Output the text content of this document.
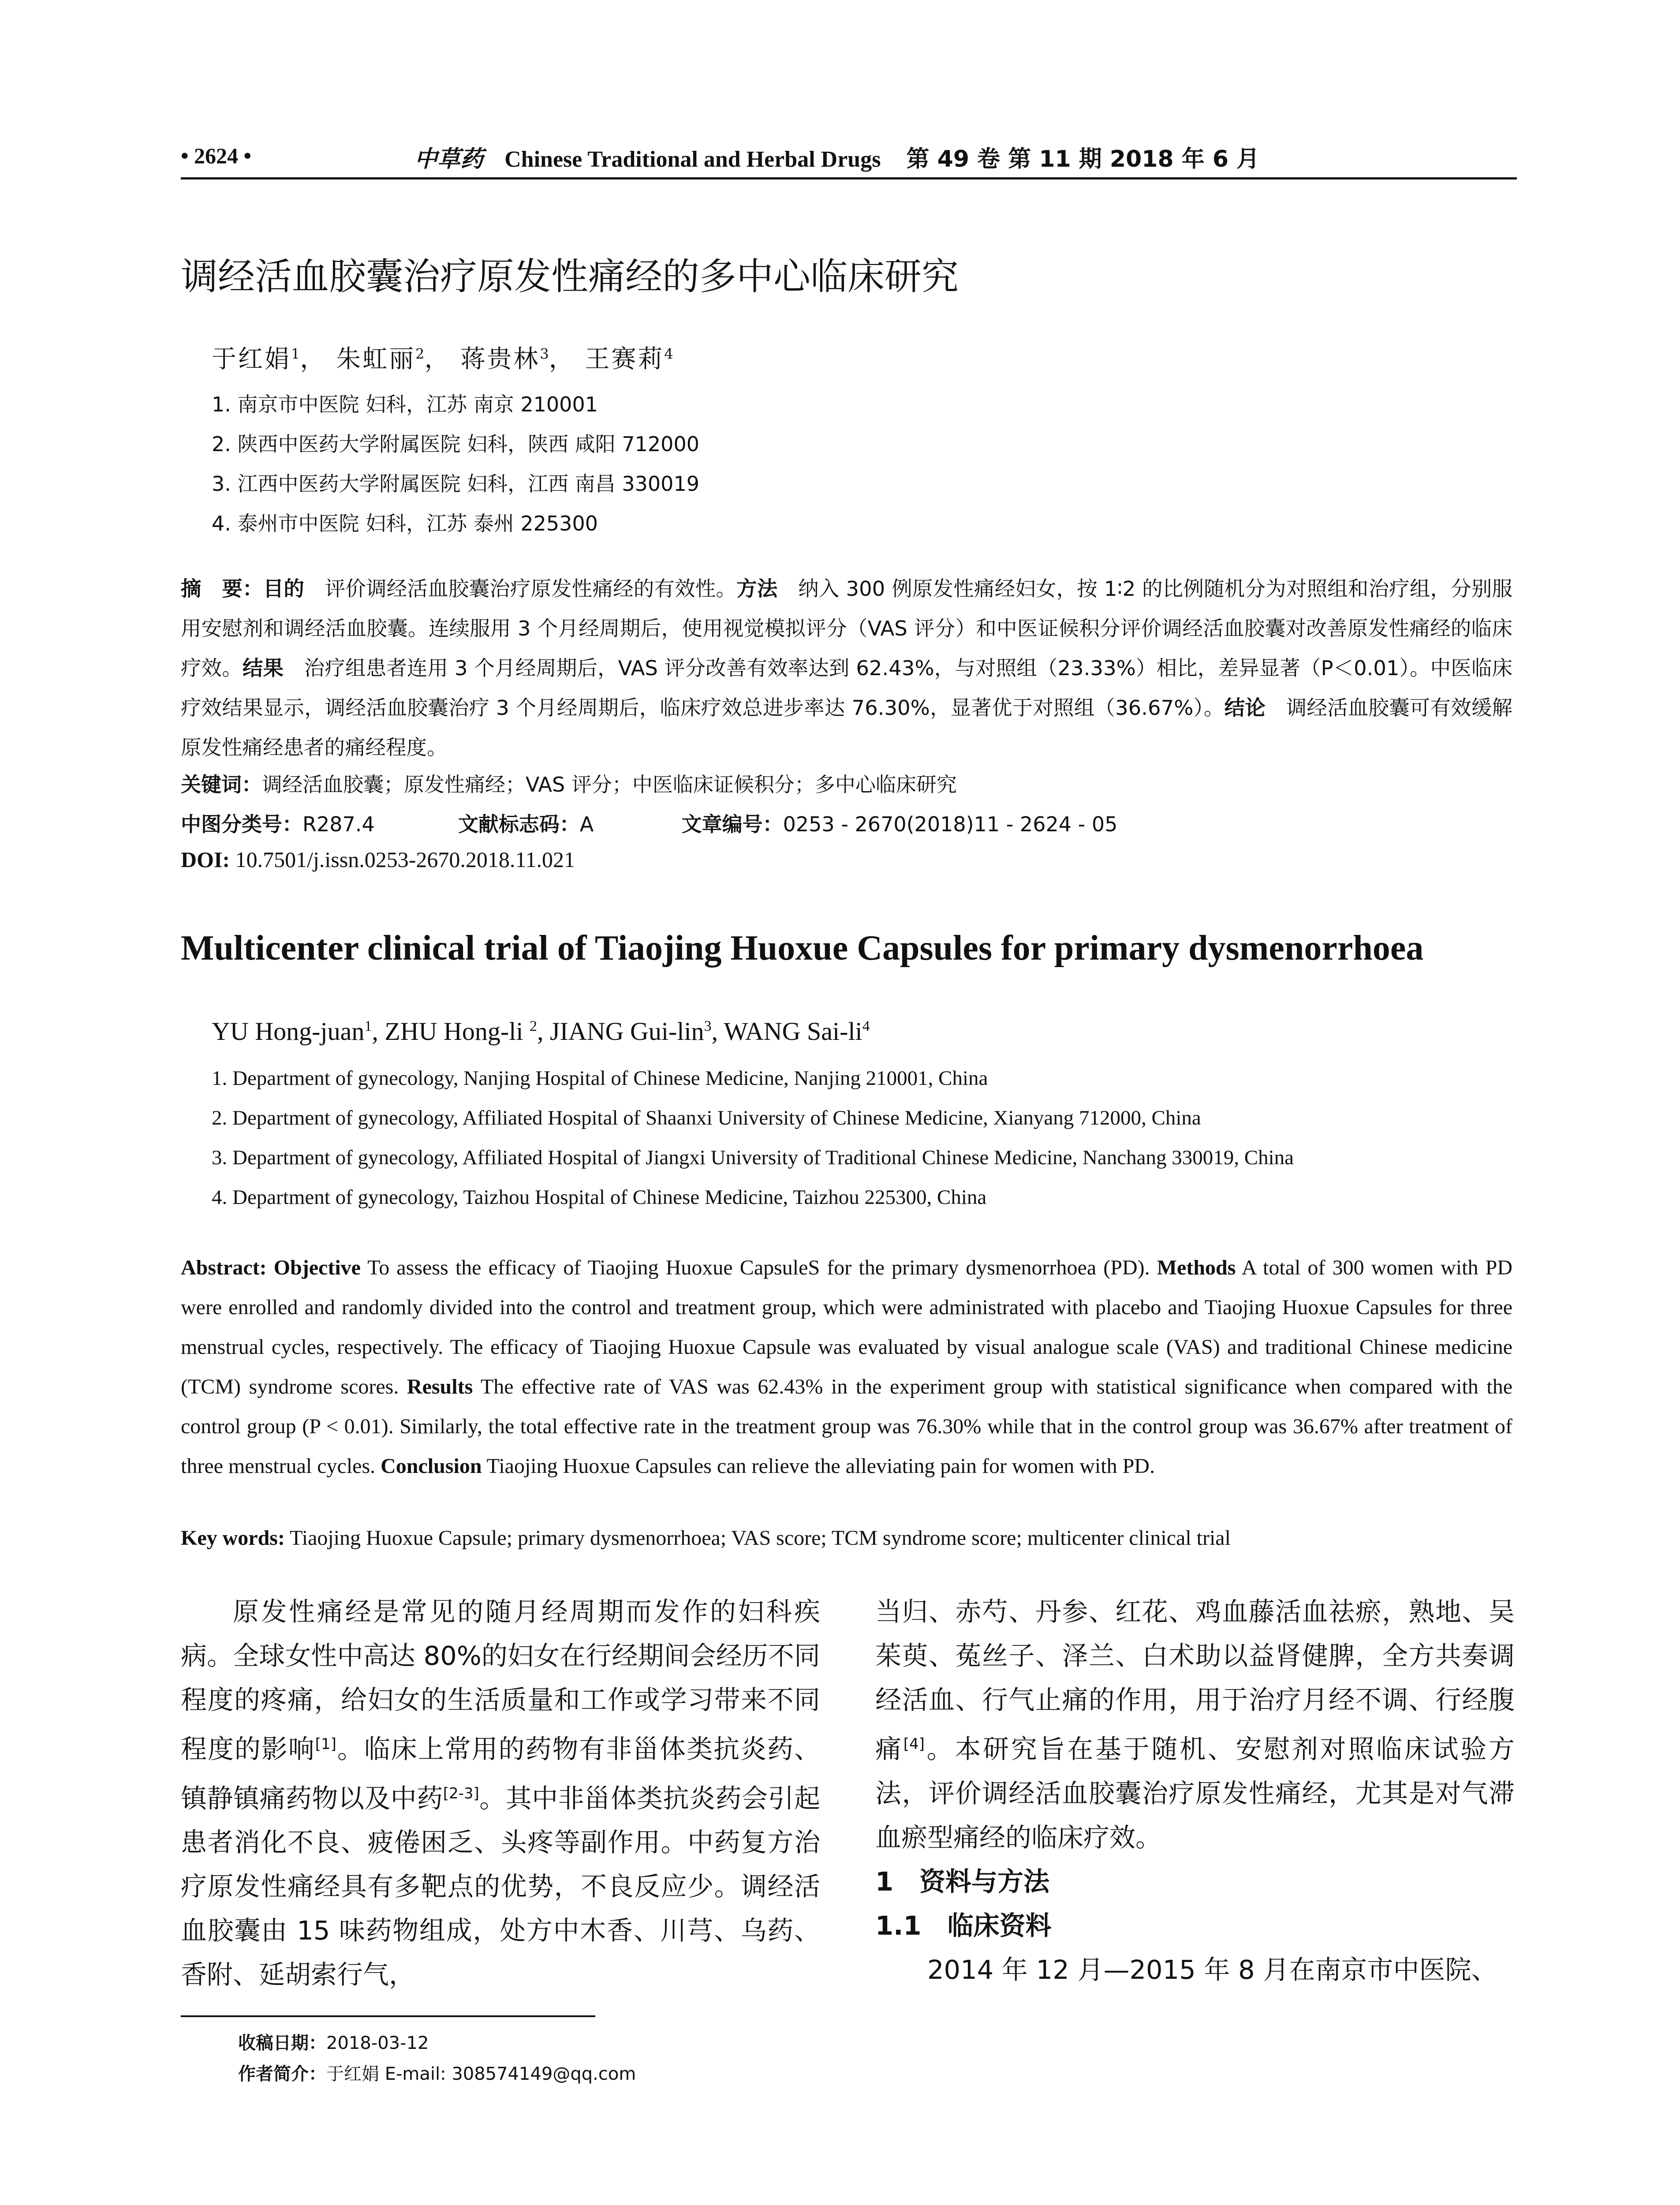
• 2624 •	中草药 Chinese Traditional and Herbal Drugs 第 49 卷 第 11 期 2018 年 6 月
调经活血胶囊治疗原发性痛经的多中心临床研究
于红娟$^1$， 朱虹丽$^2$， 蒋贵林$^3$， 王赛莉$^4$
1. 南京市中医院 妇科，江苏 南京 210001
2. 陕西中医药大学附属医院 妇科，陕西 咸阳 712000
3. 江西中医药大学附属医院 妇科，江西 南昌 330019
4. 泰州市中医院 妇科，江苏 泰州 225300
摘　要：目的　评价调经活血胶囊治疗原发性痛经的有效性。方法　纳入 300 例原发性痛经妇女，按 1∶2 的比例随机分为对照组和治疗组，分别服用安慰剂和调经活血胶囊。连续服用 3 个月经周期后，使用视觉模拟评分（VAS 评分）和中医证候积分评价调经活血胶囊对改善原发性痛经的临床疗效。结果　治疗组患者连用 3 个月经周期后，VAS 评分改善有效率达到 62.43%，与对照组（23.33%）相比，差异显著（P＜0.01）。中医临床疗效结果显示，调经活血胶囊治疗 3 个月经周期后，临床疗效总进步率达 76.30%，显著优于对照组（36.67%）。结论　调经活血胶囊可有效缓解原发性痛经患者的痛经程度。
关键词：调经活血胶囊；原发性痛经；VAS 评分；中医临床证候积分；多中心临床研究
中图分类号：R287.4	文献标志码：A	文章编号：0253 - 2670(2018)11 - 2624 - 05
DOI: 10.7501/j.issn.0253-2670.2018.11.021
Multicenter clinical trial of Tiaojing Huoxue Capsules for primary dysmenorrhoea
YU Hong-juan$^1$, ZHU Hong-li $^2$, JIANG Gui-lin$^3$, WANG Sai-$li^4$
1. Department of gynecology, Nanjing Hospital of Chinese Medicine, Nanjing 210001, China
2. Department of gynecology, Affiliated Hospital of Shaanxi University of Chinese Medicine, Xianyang 712000, China
3. Department of gynecology, Affiliated Hospital of Jiangxi University of Traditional Chinese Medicine, Nanchang 330019, China
4. Department of gynecology, Taizhou Hospital of Chinese Medicine, Taizhou 225300, China
Abstract: Objective To assess the efficacy of Tiaojing Huoxue CapsuleS for the primary dysmenorrhoea (PD). Methods A total of 300 women with PD were enrolled and randomly divided into the control and treatment group, which were administrated with placebo and Tiaojing Huoxue Capsules for three menstrual cycles, respectively. The efficacy of Tiaojing Huoxue Capsule was evaluated by visual analogue scale (VAS) and traditional Chinese medicine (TCM) syndrome scores. Results The effective rate of VAS was 62.43% in the experiment group with statistical significance when compared with the control group (P < 0.01). Similarly, the total effective rate in the treatment group was 76.30% while that in the control group was 36.67% after treatment of three menstrual cycles. Conclusion Tiaojing Huoxue Capsules can relieve the alleviating pain for women with PD.
Key words: Tiaojing Huoxue Capsule; primary dysmenorrhoea; VAS score; TCM syndrome score; multicenter clinical trial

原发性痛经是常见的随月经周期而发作的妇科疾病。全球女性中高达 80%的妇女在行经期间会经历不同程度的疼痛，给妇女的生活质量和工作或学习带来不同程度的影响[1]。临床上常用的药物有非甾体类抗炎药、镇静镇痛药物以及中药[2-3]。其中非甾体类抗炎药会引起患者消化不良、疲倦困乏、头疼等副作用。中药复方治疗原发性痛经具有多靶点的优势，不良反应少。调经活血胶囊由 15 味药物组成，处方中木香、川芎、乌药、香附、延胡索行气，

当归、赤芍、丹参、红花、鸡血藤活血祛瘀，熟地、吴茱萸、菟丝子、泽兰、白术助以益肾健脾，全方共奏调经活血、行气止痛的作用，用于治疗月经不调、行经腹痛[4]。本研究旨在基于随机、安慰剂对照临床试验方法，评价调经活血胶囊治疗原发性痛经，尤其是对气滞血瘀型痛经的临床疗效。

1　资料与方法

1.1　临床资料

2014 年 12 月—2015 年 8 月在南京市中医院、

收稿日期：2018-03-12
作者简介：于红娟 E-mail: 308574149@qq.com
